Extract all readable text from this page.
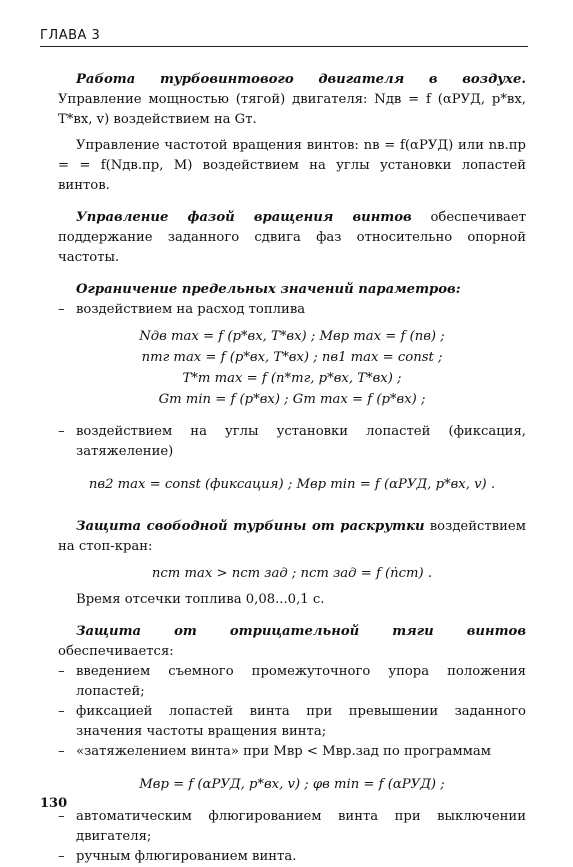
ГЛАВА 3

Работа турбовинтового двигателя в воздухе. Управление мощностью (тягой) двигателя: Nдв = f (αРУД, p*вх, T*вх, v) воздействием на Gт.

Управление частотой вращения винтов: nв = f(αРУД) или nв.пр = = f(Nдв.пр, M) воздействием на углы установки лопастей винтов.

Управление фазой вращения винтов обеспечивает поддержание заданного сдвига фаз относительно опорной частоты.

Ограничение предельных значений параметров:

– воздействием на расход топлива
Nдв max = f (p*вх, T*вх) ; Mвр max = f (nв) ;
nтг max = f (p*вх, T*вх) ; nв1 max = const ;
T*т max = f (n*тг, p*вх, T*вх) ;
Gт min = f (p*вх) ; Gт max = f (p*вх) ;
– воздействием на углы установки лопастей (фиксация, затяжеление)
nв2 max = const (фиксация) ; Mвр min = f (αРУД, p*вх, v) .

Защита свободной турбины от раскрутки воздействием на стоп-кран:

nст max > nст зад ; nст зад = f (ṅст) .

Время отсечки топлива 0,08...0,1 с.

Защита от отрицательной тяги винтов обеспечивается:

– введением съемного промежуточного упора положения лопастей;
– фиксацией лопастей винта при превышении заданного значения частоты вращения винта;
– «затяжелением винта» при Mвр < Mвр.зад по программам
Mвр = f (αРУД, p*вх, v) ; φв min = f (αРУД) ;
– автоматическим флюгированием винта при выключении двигателя;
– ручным флюгированием винта.
130
